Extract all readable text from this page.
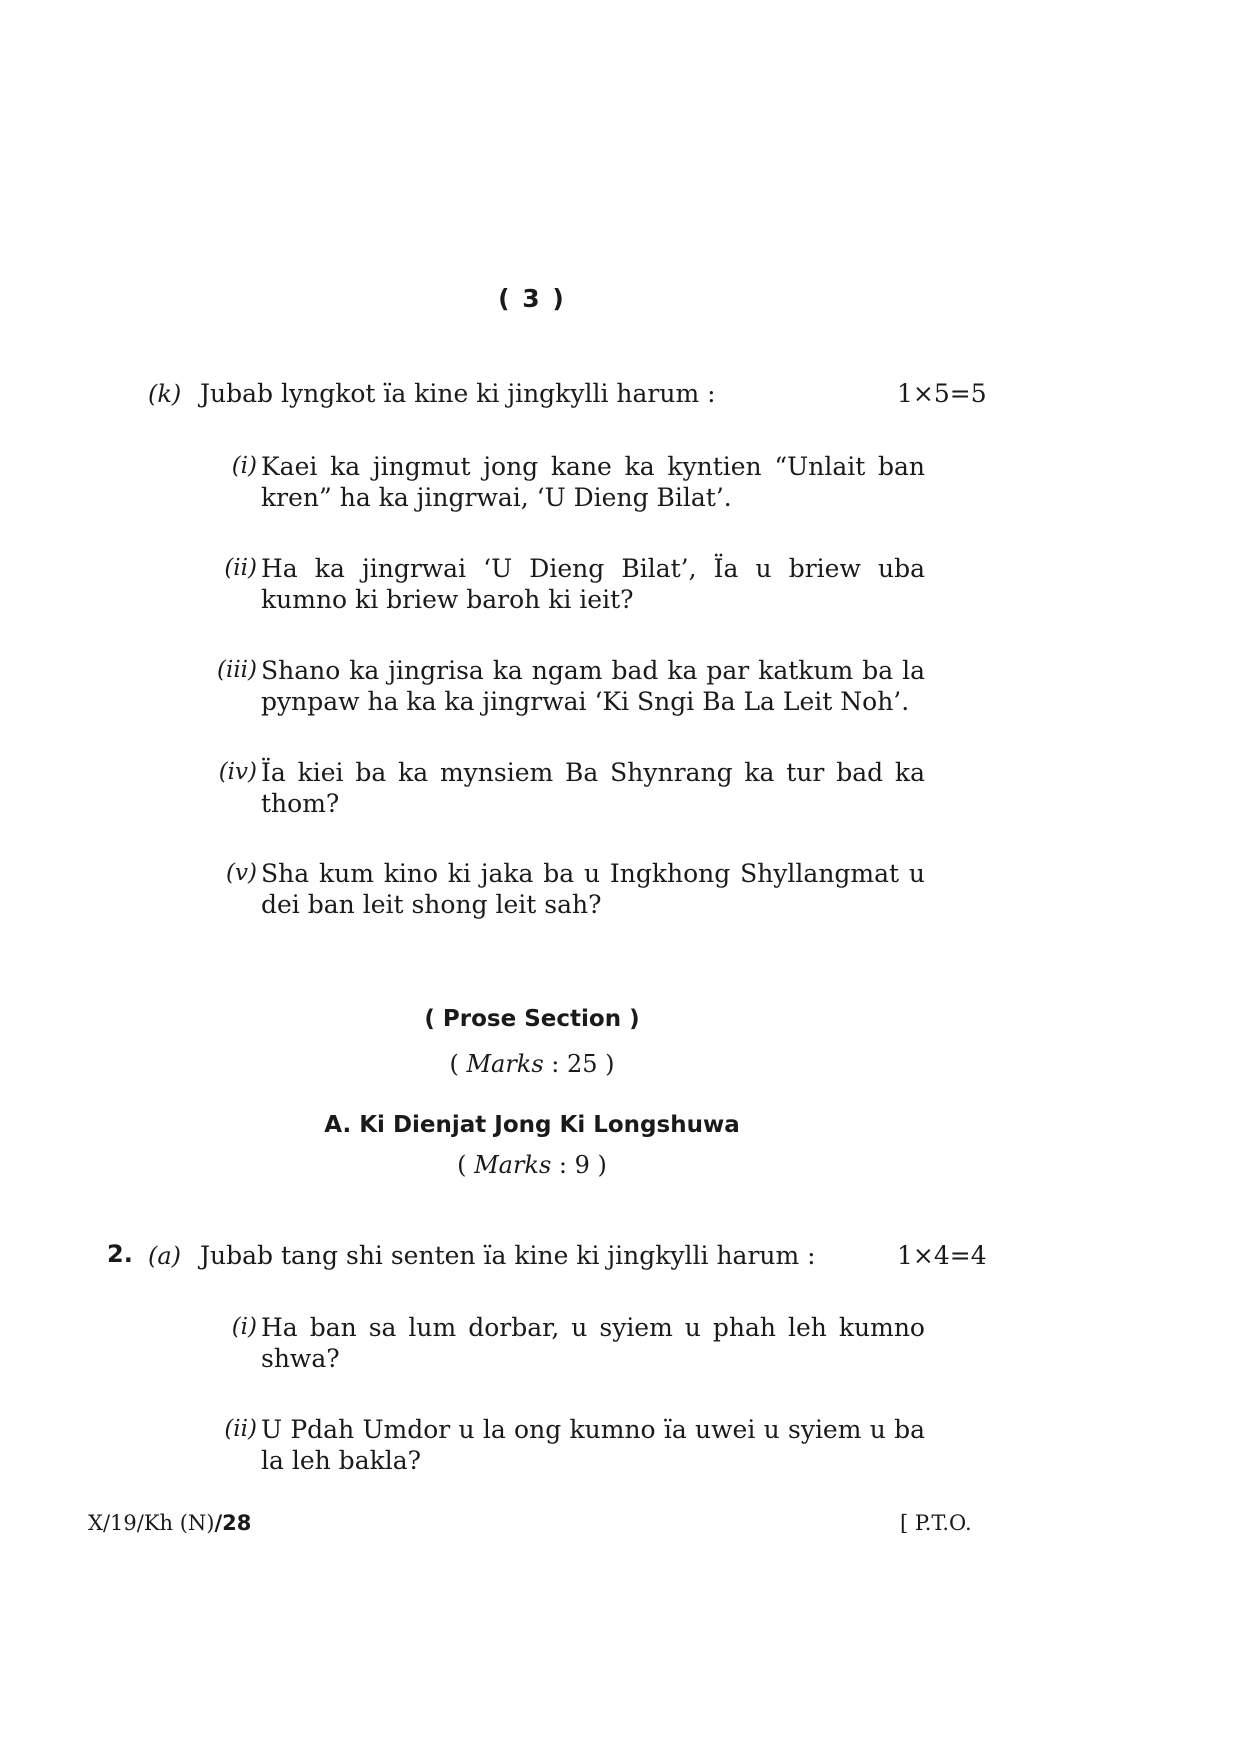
( 3 )
(k) Jubab lyngkot ïa kine ki jingkylli harum :	1×5=5
(i) Kaei ka jingmut jong kane ka kyntien “Unlait ban kren” ha ka jingrwai, ‘U Dieng Bilat’.
(ii) Ha ka jingrwai ‘U Dieng Bilat’, Ïa u briew uba kumno ki briew baroh ki ieit?
(iii) Shano ka jingrisa ka ngam bad ka par katkum ba la pynpaw ha ka ka jingrwai ‘Ki Sngi Ba La Leit Noh’.
(iv) Ïa kiei ba ka mynsiem Ba Shynrang ka tur bad ka thom?
(v) Sha kum kino ki jaka ba u Ingkhong Shyllangmat u dei ban leit shong leit sah?
( Prose Section )
( Marks : 25 )
A. Ki Dienjat Jong Ki Longshuwa
( Marks : 9 )
2. (a) Jubab tang shi senten ïa kine ki jingkylli harum :	1×4=4
(i) Ha ban sa lum dorbar, u syiem u phah leh kumno shwa?
(ii) U Pdah Umdor u la ong kumno ïa uwei u syiem u ba la leh bakla?
X/19/Kh (N)/28	[ P.T.O.
